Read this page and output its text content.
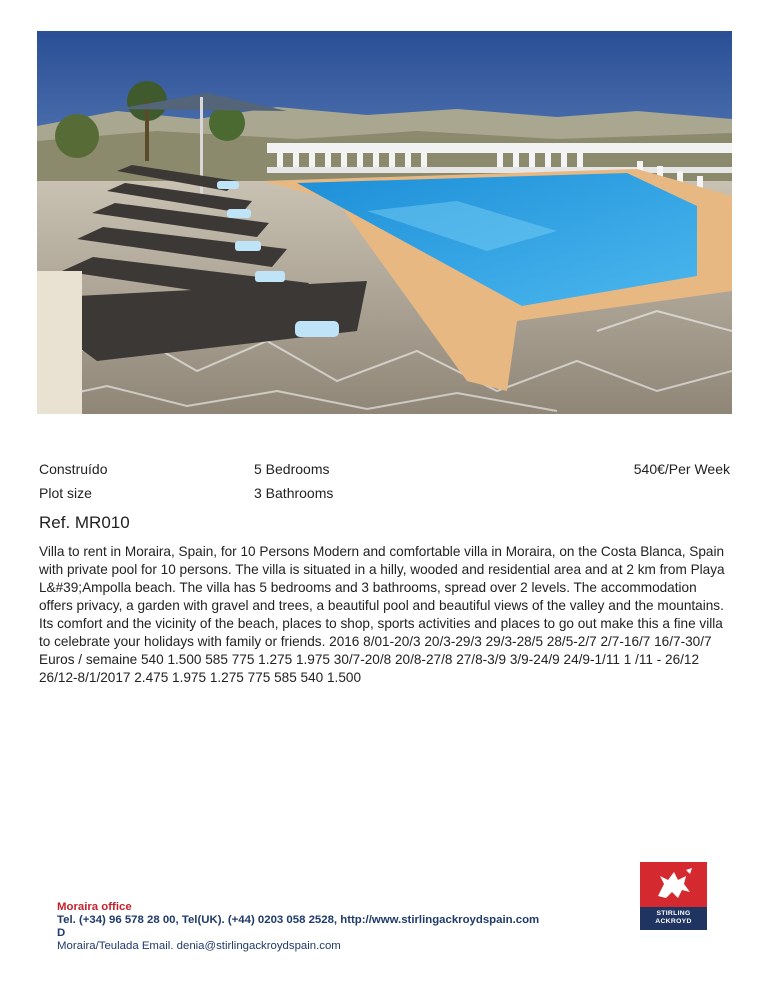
Construído
Plot size
5 Bedrooms
3 Bathrooms
540€/Per Week
Ref. MR010
Villa to rent in Moraira, Spain, for 10 Persons Modern and comfortable villa in Moraira, on the Costa Blanca, Spain with private pool for 10 persons. The villa is situated in a hilly, wooded and residential area and at 2 km from Playa L&#39;Ampolla beach. The villa has 5 bedrooms and 3 bathrooms, spread over 2 levels. The accommodation offers privacy, a garden with gravel and trees, a beautiful pool and beautiful views of the valley and the mountains. Its comfort and the vicinity of the beach, places to shop, sports activities and places to go out make this a fine villa to celebrate your holidays with family or friends. 2016 8/01-20/3 20/3-29/3 29/3-28/5 28/5-2/7 2/7-16/7 16/7-30/7 Euros / semaine 540 1.500 585 775 1.275 1.975 30/7-20/8 20/8-27/8 27/8-3/9 3/9-24/9 24/9-1/11 1 /11 - 26/12 26/12-8/1/2017 2.475 1.975 1.275 775 585 540 1.500
Moraira office
Tel. (+34) 96 578 28 00, Tel(UK). (+44) 0203 058 2528, http://www.stirlingackroydspain.com
D
Moraira/Teulada Email. denia@stirlingackroydspain.com
STIRLING
ACKROYD
